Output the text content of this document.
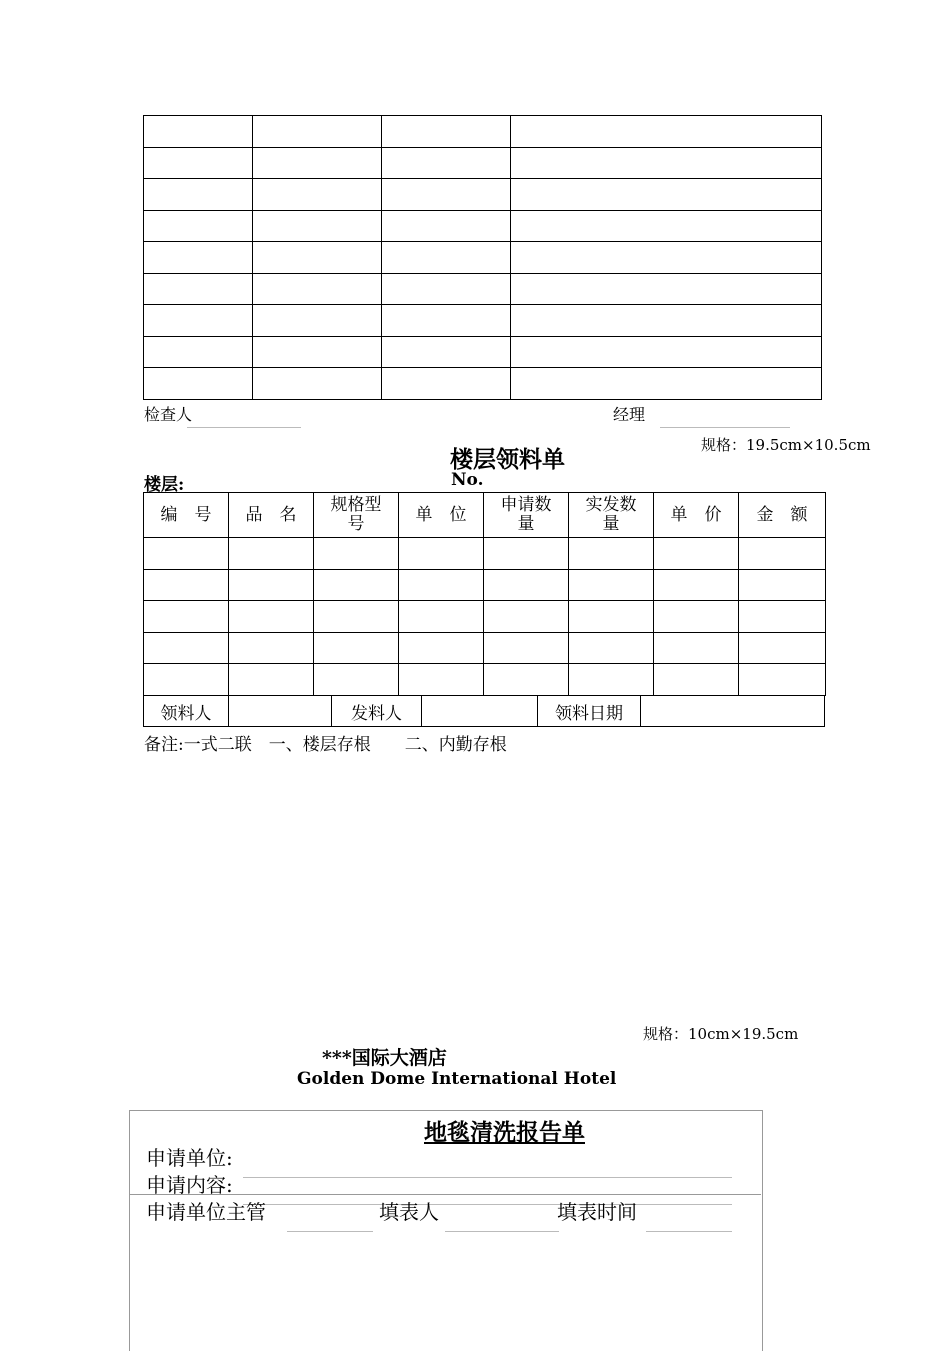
检查人	经理
规格：19.5cm×10.5cm
楼层领料单
楼层:	No.
编　号	品　名	规格型号	单　位	申请数量	实发数量	单　价	金　额

领料人		发料人		领料日期	
备注:一式二联　一、楼层存根　　二、内勤存根
规格：10cm×19.5cm
***国际大酒店
Golden Dome International Hotel
地毯清洗报告单
申请单位:
申请内容:
申请单位主管	填表人	填表时间
